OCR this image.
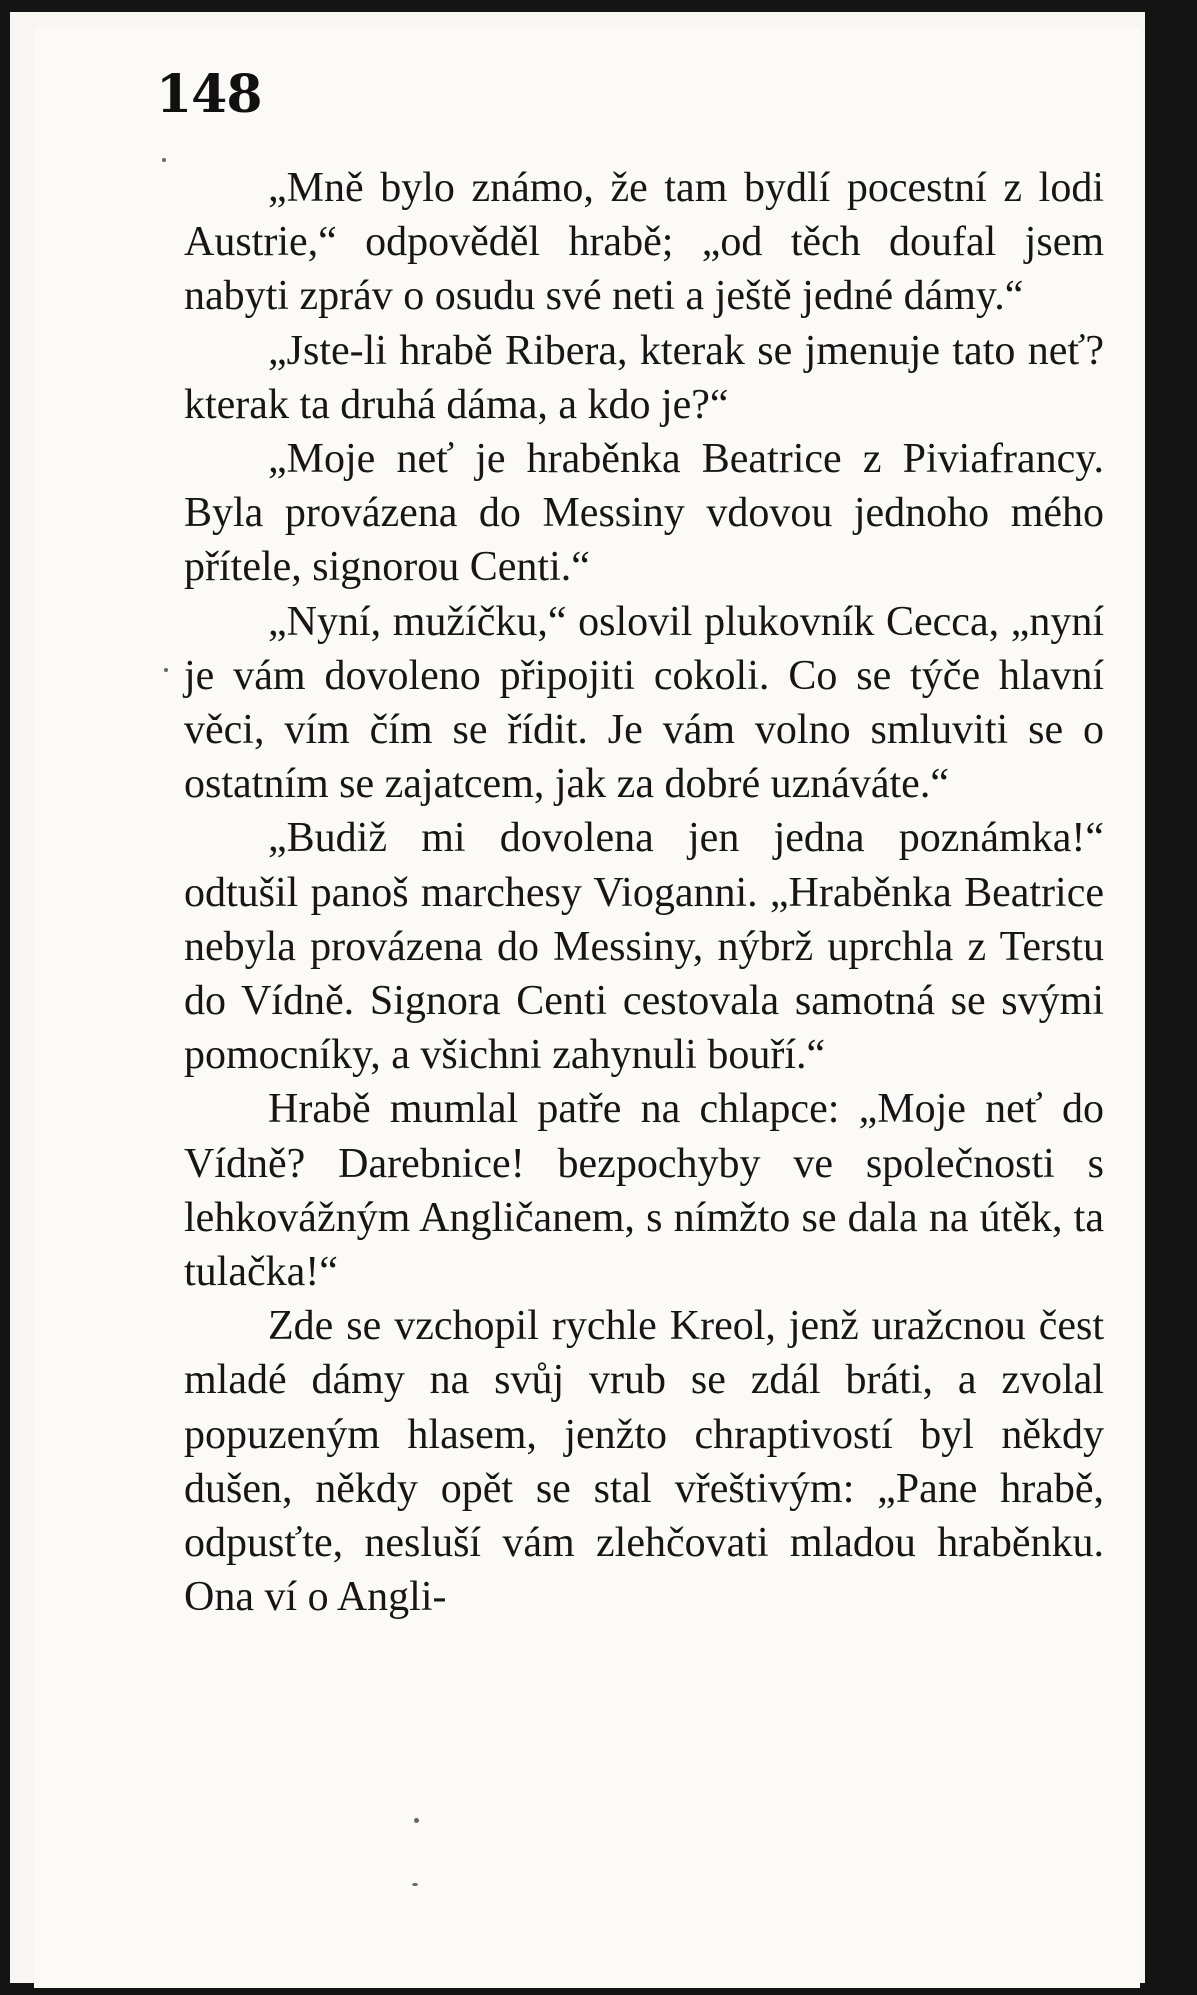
148

„Mně bylo známo, že tam bydlí pocestní z lodi Austrie,“ odpověděl hrabě; „od těch doufal jsem nabyti zpráv o osudu své neti a ještě jedné dámy.“

„Jste-li hrabě Ribera, kterak se jmenuje tato neť? kterak ta druhá dáma, a kdo je?“

„Moje neť je hraběnka Beatrice z Piviafrancy. Byla provázena do Messiny vdovou jednoho mého přítele, signorou Centi.“

„Nyní, mužíčku,“ oslovil plukovník Cecca, „nyní je vám dovoleno připojiti cokoli. Co se týče hlavní věci, vím čím se řídit. Je vám volno smluviti se o ostatním se zajatcem, jak za dobré uznáváte.“

„Budiž mi dovolena jen jedna poznámka!“ odtušil panoš marchesy Vioganni. „Hraběnka Beatrice nebyla provázena do Messiny, nýbrž uprchla z Terstu do Vídně. Signora Centi cestovala samotná se svými pomocníky, a všichni zahynuli bouří.“

Hrabě mumlal patře na chlapce: „Moje neť do Vídně? Darebnice! bezpochyby ve společnosti s lehkovážným Angličanem, s nímžto se dala na útěk, ta tulačka!“

Zde se vzchopil rychle Kreol, jenž uražcnou čest mladé dámy na svůj vrub se zdál bráti, a zvolal popuzeným hlasem, jenžto chraptivostí byl někdy dušen, někdy opět se stal vřeštivým: „Pane hrabě, odpusťte, nesluší vám zlehčovati mladou hraběnku. Ona ví o Angli-
